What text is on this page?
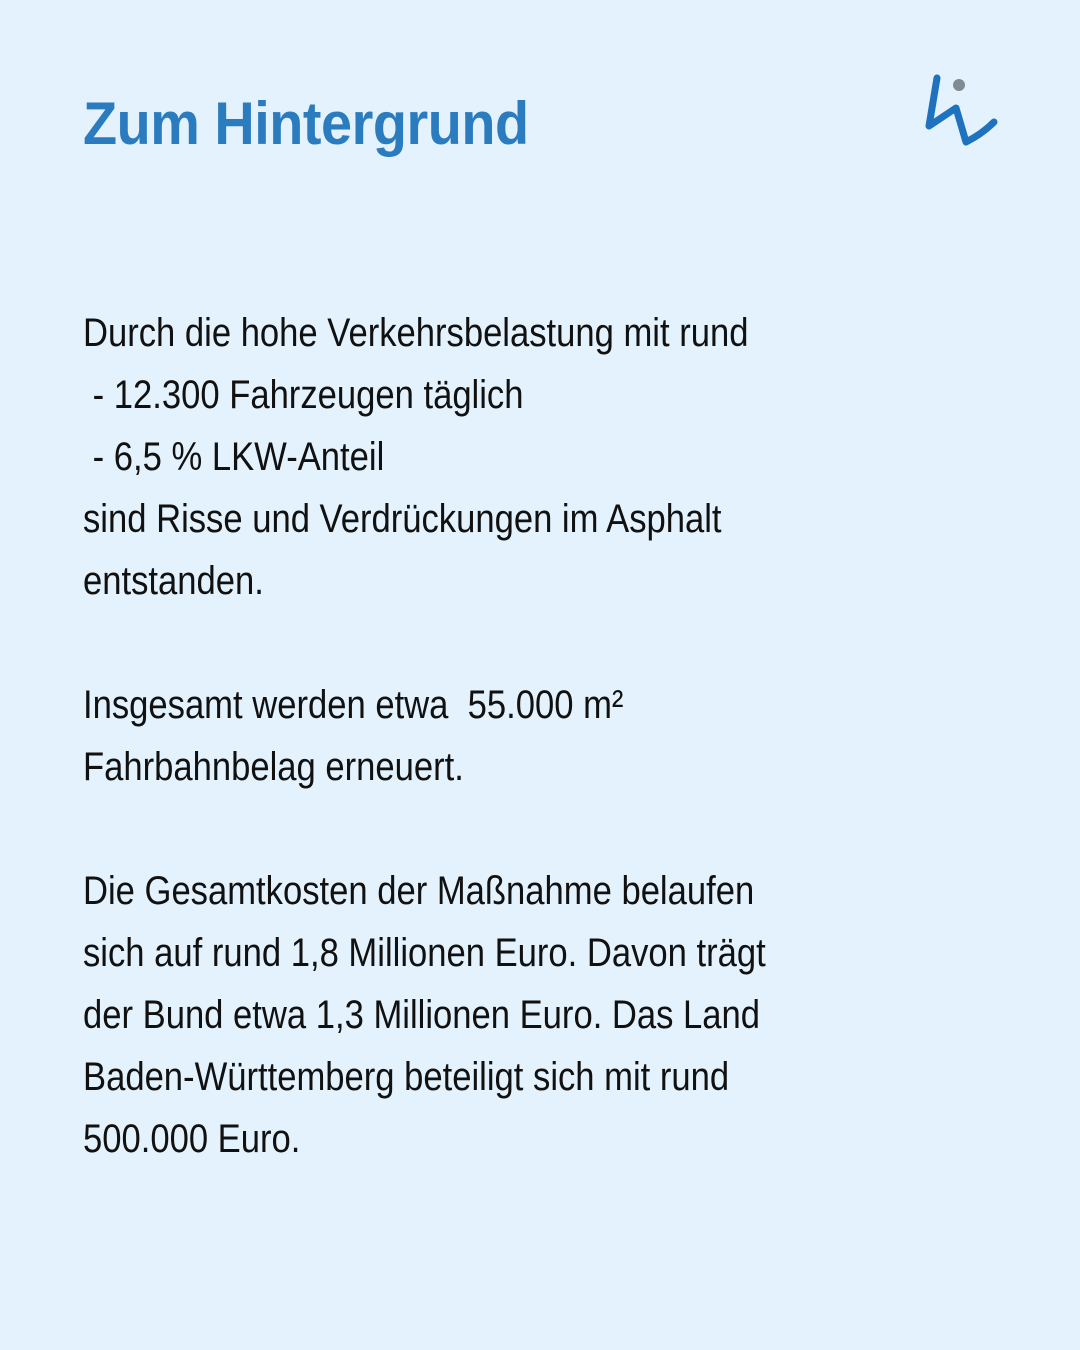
Zum Hintergrund
Durch die hohe Verkehrsbelastung mit rund
- 12.300 Fahrzeugen täglich
- 6,5 % LKW-Anteil
sind Risse und Verdrückungen im Asphalt
entstanden.
Insgesamt werden etwa  55.000 m²
Fahrbahnbelag erneuert.
Die Gesamtkosten der Maßnahme belaufen
sich auf rund 1,8 Millionen Euro. Davon trägt
der Bund etwa 1,3 Millionen Euro. Das Land
Baden-Württemberg beteiligt sich mit rund
500.000 Euro.
